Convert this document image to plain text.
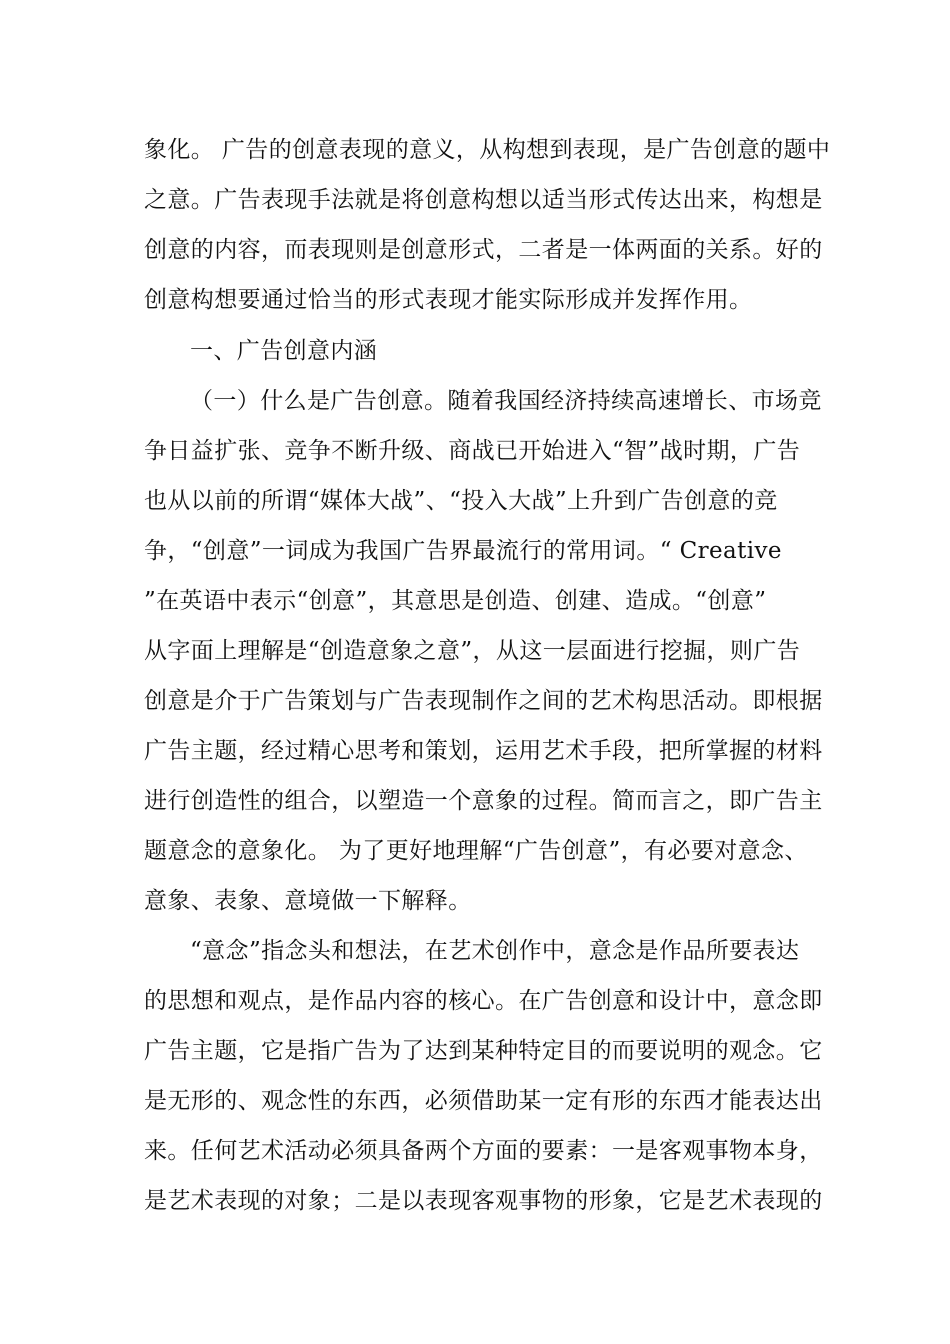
象化。 广告的创意表现的意义，从构想到表现，是广告创意的题中
之意。广告表现手法就是将创意构想以适当形式传达出来，构想是
创意的内容，而表现则是创意形式，二者是一体两面的关系。好的
创意构想要通过恰当的形式表现才能实际形成并发挥作用。
一、广告创意内涵
（一）什么是广告创意。随着我国经济持续高速增长、市场竞
争日益扩张、竞争不断升级、商战已开始进入“智”战时期，广告
也从以前的所谓“媒体大战”、“投入大战”上升到广告创意的竞
争，“创意”一词成为我国广告界最流行的常用词。“ Creative
”在英语中表示“创意”，其意思是创造、创建、造成。“创意”
从字面上理解是“创造意象之意”，从这一层面进行挖掘，则广告
创意是介于广告策划与广告表现制作之间的艺术构思活动。即根据
广告主题，经过精心思考和策划，运用艺术手段，把所掌握的材料
进行创造性的组合，以塑造一个意象的过程。简而言之，即广告主
题意念的意象化。 为了更好地理解“广告创意”，有必要对意念、
意象、表象、意境做一下解释。
“意念”指念头和想法，在艺术创作中，意念是作品所要表达
的思想和观点，是作品内容的核心。在广告创意和设计中，意念即
广告主题，它是指广告为了达到某种特定目的而要说明的观念。它
是无形的、观念性的东西，必须借助某一定有形的东西才能表达出
来。任何艺术活动必须具备两个方面的要素：一是客观事物本身，
是艺术表现的对象；二是以表现客观事物的形象，它是艺术表现的
